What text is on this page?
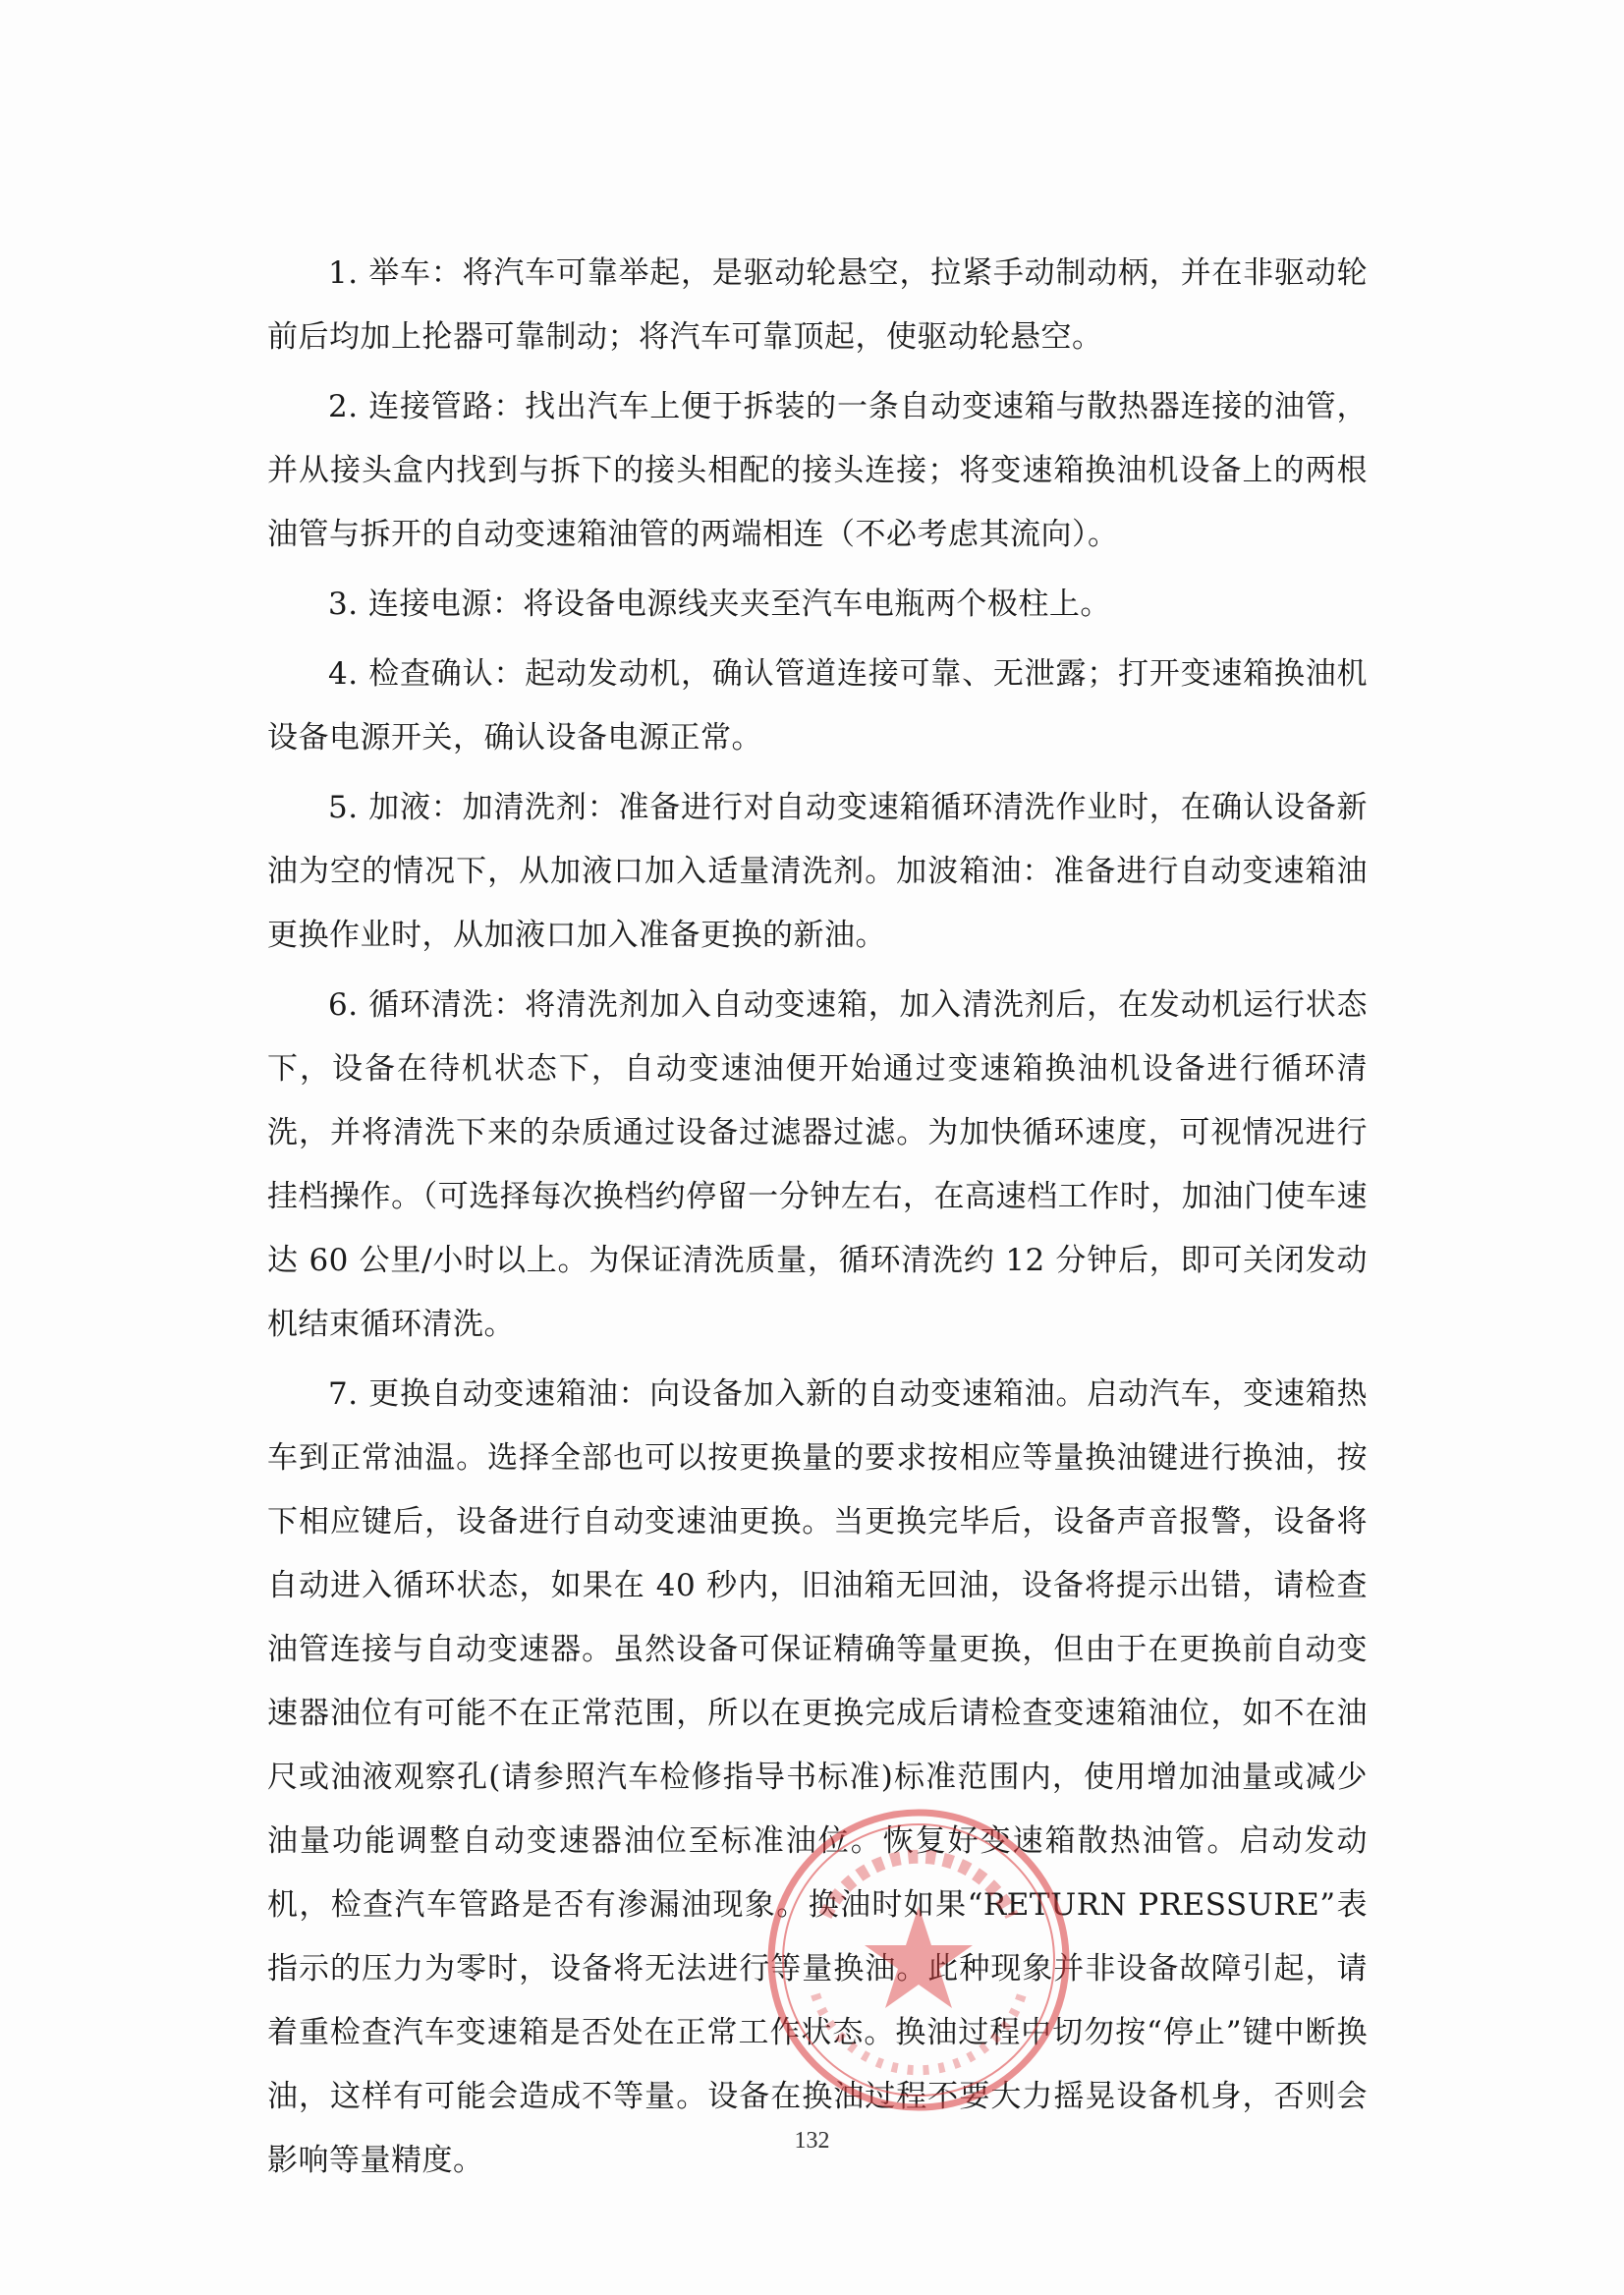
1. 举车：将汽车可靠举起，是驱动轮悬空，拉紧手动制动柄，并在非驱动轮前后均加上抡器可靠制动；将汽车可靠顶起，使驱动轮悬空。

2. 连接管路：找出汽车上便于拆装的一条自动变速箱与散热器连接的油管，并从接头盒内找到与拆下的接头相配的接头连接；将变速箱换油机设备上的两根油管与拆开的自动变速箱油管的两端相连（不必考虑其流向）。

3. 连接电源：将设备电源线夹夹至汽车电瓶两个极柱上。

4. 检查确认：起动发动机，确认管道连接可靠、无泄露；打开变速箱换油机设备电源开关，确认设备电源正常。

5. 加液：加清洗剂：准备进行对自动变速箱循环清洗作业时，在确认设备新油为空的情况下，从加液口加入适量清洗剂。加波箱油：准备进行自动变速箱油更换作业时，从加液口加入准备更换的新油。

6. 循环清洗：将清洗剂加入自动变速箱，加入清洗剂后，在发动机运行状态下，设备在待机状态下，自动变速油便开始通过变速箱换油机设备进行循环清洗，并将清洗下来的杂质通过设备过滤器过滤。为加快循环速度，可视情况进行挂档操作。（可选择每次换档约停留一分钟左右，在高速档工作时，加油门使车速达 60 公里/小时以上。为保证清洗质量，循环清洗约 12 分钟后，即可关闭发动机结束循环清洗。

7. 更换自动变速箱油：向设备加入新的自动变速箱油。启动汽车，变速箱热车到正常油温。选择全部也可以按更换量的要求按相应等量换油键进行换油，按下相应键后，设备进行自动变速油更换。当更换完毕后，设备声音报警，设备将自动进入循环状态，如果在 40 秒内，旧油箱无回油，设备将提示出错，请检查油管连接与自动变速器。虽然设备可保证精确等量更换，但由于在更换前自动变速器油位有可能不在正常范围，所以在更换完成后请检查变速箱油位，如不在油尺或油液观察孔(请参照汽车检修指导书标准)标准范围内，使用增加油量或减少油量功能调整自动变速器油位至标准油位。恢复好变速箱散热油管。启动发动机，检查汽车管路是否有渗漏油现象。换油时如果“RETURN PRESSURE”表指示的压力为零时，设备将无法进行等量换油。此种现象并非设备故障引起，请着重检查汽车变速箱是否处在正常工作状态。换油过程中切勿按“停止”键中断换油，这样有可能会造成不等量。设备在换油过程不要大力摇晃设备机身，否则会影响等量精度。

132
